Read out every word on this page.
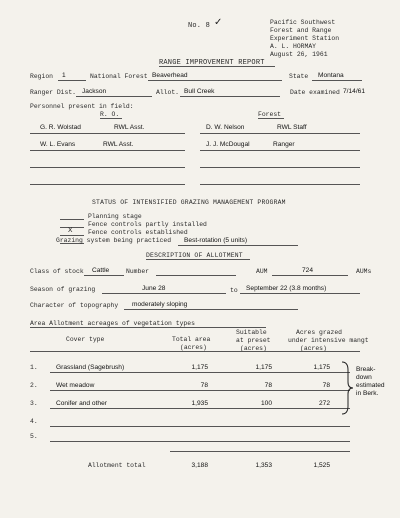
No. 8 ✓	Pacific Southwest
Forest and Range
Experiment Station
A. L. HORMAY
August 26, 1961
RANGE IMPROVEMENT REPORT
Region 1	National Forest Beaverhead	State Montana
Ranger Dist. Jackson	Allot. Bull Creek	Date examined 7/14/61
Personnel present in field:
R. O.	Forest
G. R. Wolstad	RWL Asst.	D. W. Nelson	RWL Staff
W. L. Evans	RWL Asst.	J. J. McDougal	Ranger
STATUS OF INTENSIFIED GRAZING MANAGEMENT PROGRAM
Planning stage
Fence controls partly installed
X Fence controls established
Grazing system being practiced Best-rotation (5 units)
DESCRIPTION OF ALLOTMENT
Class of stock Cattle	Number	AUM	724	AUMs
Season of grazing	June 28	to September 22 (3.8 months)
Character of topography moderately sloping
Area Allotment acreages of vegetation types
Cover type	Total area
(acres)
Suitable
at preset
(acres)
Acres grazed
under intensive mangt
(acres)
1.	Grassland (Sagebrush)	1,175	1,175	1,175
2.	Wet meadow	78	78	78
3.	Conifer and other	1,935	100	272
4.
5.
Break-
down
estimated
in Berk.
Allotment total	3,188	1,353	1,525
